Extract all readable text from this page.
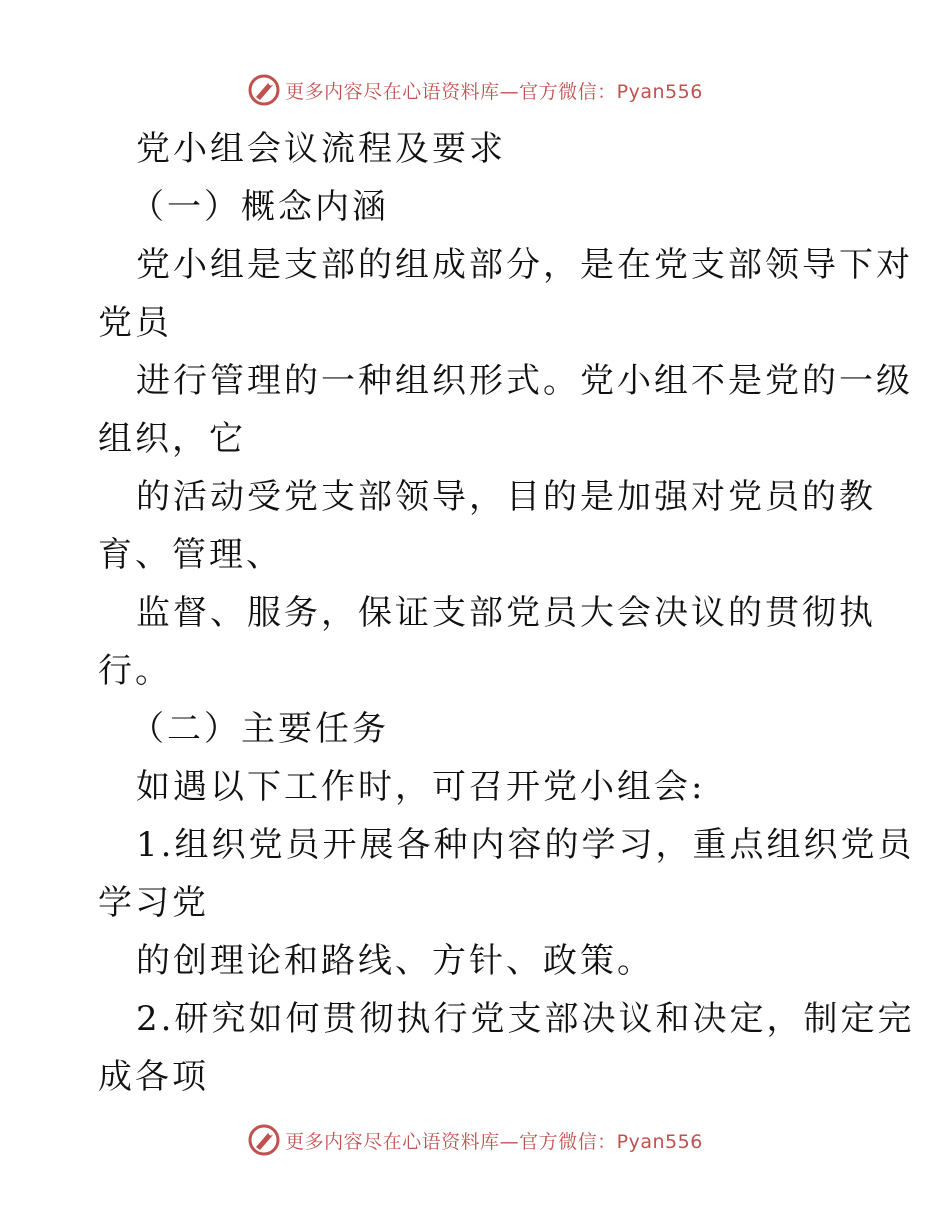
更多内容尽在心语资料库—官方微信：Pyan556
党小组会议流程及要求
（一）概念内涵
党小组是支部的组成部分，是在党支部领导下对
党员
进行管理的一种组织形式。党小组不是党的一级
组织，它
的活动受党支部领导，目的是加强对党员的教
育、管理、
监督、服务，保证支部党员大会决议的贯彻执
行。
（二）主要任务
如遇以下工作时，可召开党小组会:
1.组织党员开展各种内容的学习，重点组织党员
学习党
的创理论和路线、方针、政策。
2.研究如何贯彻执行党支部决议和决定，制定完
成各项
更多内容尽在心语资料库—官方微信：Pyan556
